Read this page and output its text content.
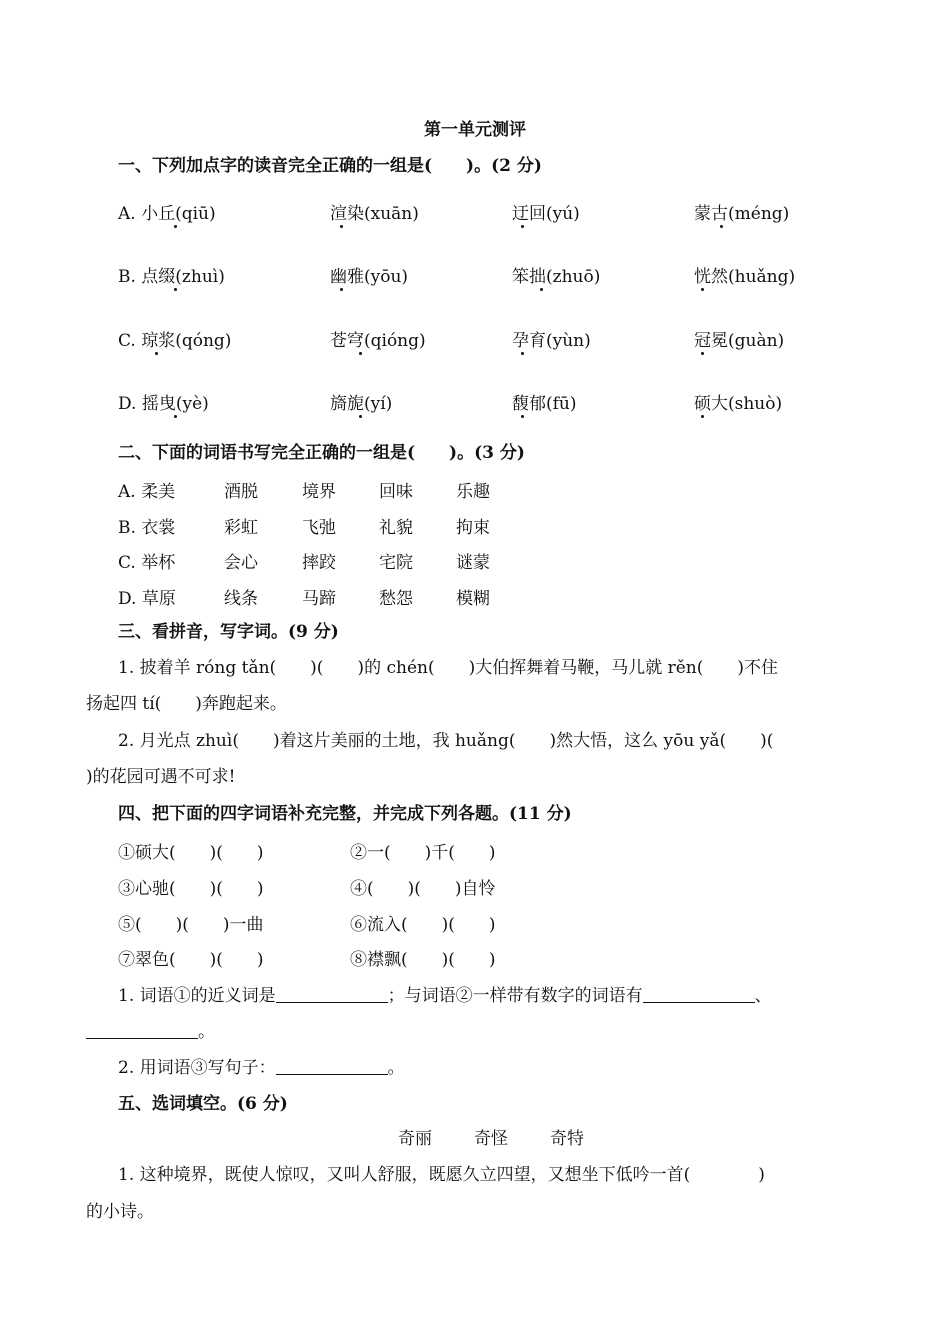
第一单元测评
一、下列加点字的读音完全正确的一组是(　　)。(2 分)
A. 小丘(qiū)	渲染(xuān)	迂回(yú)	蒙古(méng)
B. 点缀(zhuì)	幽雅(yōu)	笨拙(zhuō)	恍然(huǎng)
C. 琼浆(qóng)	苍穹(qióng)	孕育(yùn)	冠冕(guàn)
D. 摇曳(yè)	旖旎(yí)	馥郁(fū)	硕大(shuò)
二、下面的词语书写完全正确的一组是(　　)。(3 分)
A. 柔美	酒脱	境界	回味	乐趣
B. 衣裳	彩虹	飞弛	礼貌	拘束
C. 举杯	会心	摔跤	宅院	谜蒙
D. 草原	线条	马蹄	愁怨	模糊
三、看拼音，写字词。(9 分)
1. 披着羊 róng tǎn(　　)(　　)的 chén(　　)大伯挥舞着马鞭，马儿就 rěn(　　)不住
扬起四 tí(　　)奔跑起来。
2. 月光点 zhuì(　　)着这片美丽的土地，我 huǎng(　　)然大悟，这么 yōu yǎ(　　)(
)的花园可遇不可求!
四、把下面的四字词语补充完整，并完成下列各题。(11 分)
①硕大(　　)(　　)	②一(　　)千(　　)
③心驰(　　)(　　)	④(　　)(　　)自怜
⑤(　　)(　　)一曲	⑥流入(　　)(　　)
⑦翠色(　　)(　　)	⑧襟飘(　　)(　　)
1. 词语①的近义词是	；与词语②一样带有数字的词语有	、
。
2. 用词语③写句子：	。
五、选词填空。(6 分)
奇丽 奇怪 奇特
1. 这种境界，既使人惊叹，又叫人舒服，既愿久立四望，又想坐下低吟一首(　　　　)
的小诗。
